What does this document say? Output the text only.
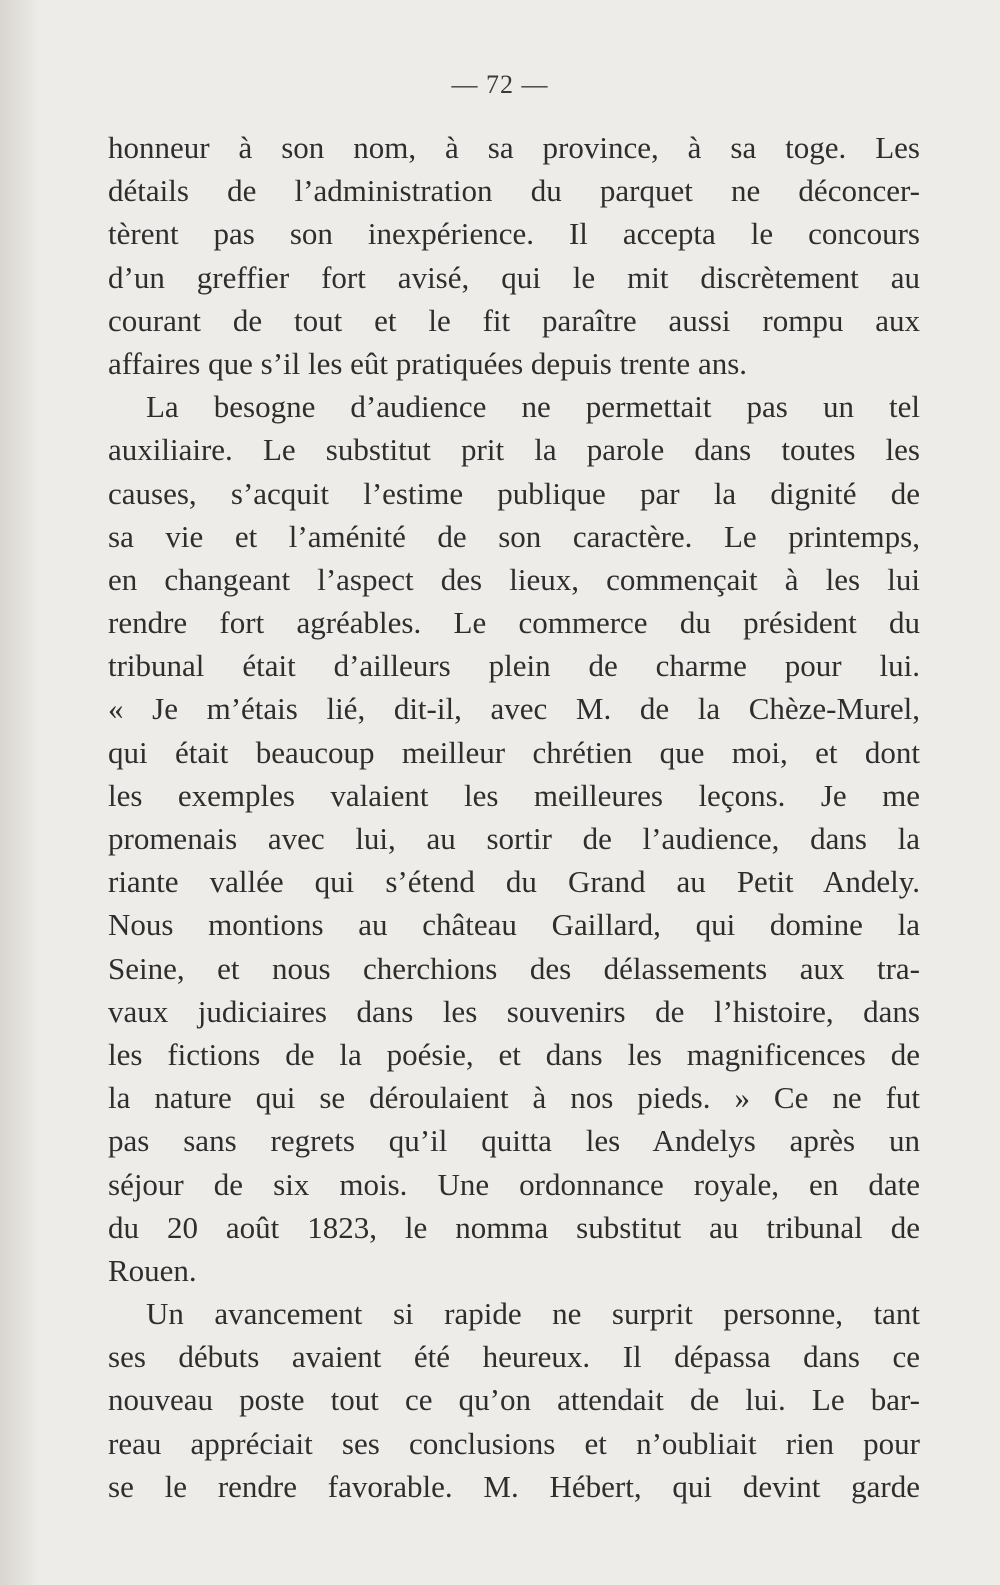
— 72 —
honneur à son nom, à sa province, à sa toge. Les
détails de l’administration du parquet ne déconcer-
tèrent pas son inexpérience. Il accepta le concours
d’un greffier fort avisé, qui le mit discrètement au
courant de tout et le fit paraître aussi rompu aux
affaires que s’il les eût pratiquées depuis trente ans.
La besogne d’audience ne permettait pas un tel
auxiliaire. Le substitut prit la parole dans toutes les
causes, s’acquit l’estime publique par la dignité de
sa vie et l’aménité de son caractère. Le printemps,
en changeant l’aspect des lieux, commençait à les lui
rendre fort agréables. Le commerce du président du
tribunal était d’ailleurs plein de charme pour lui.
« Je m’étais lié, dit-il, avec M. de la Chèze-Murel,
qui était beaucoup meilleur chrétien que moi, et dont
les exemples valaient les meilleures leçons. Je me
promenais avec lui, au sortir de l’audience, dans la
riante vallée qui s’étend du Grand au Petit Andely.
Nous montions au château Gaillard, qui domine la
Seine, et nous cherchions des délassements aux tra-
vaux judiciaires dans les souvenirs de l’histoire, dans
les fictions de la poésie, et dans les magnificences de
la nature qui se déroulaient à nos pieds. » Ce ne fut
pas sans regrets qu’il quitta les Andelys après un
séjour de six mois. Une ordonnance royale, en date
du 20 août 1823, le nomma substitut au tribunal de
Rouen.
Un avancement si rapide ne surprit personne, tant
ses débuts avaient été heureux. Il dépassa dans ce
nouveau poste tout ce qu’on attendait de lui. Le bar-
reau appréciait ses conclusions et n’oubliait rien pour
se le rendre favorable. M. Hébert, qui devint garde
